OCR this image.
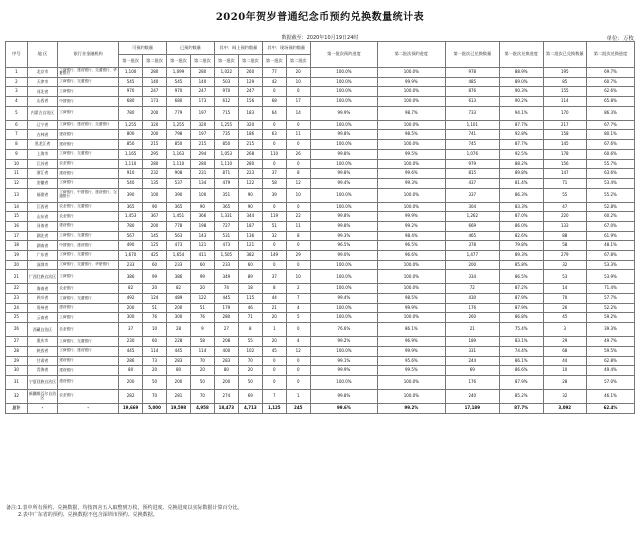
2020年贺岁普通纪念币预约兑换数量统计表
数据截至：2020年10月19日24时	单位：万枚
序号	地 区	银行业金融机构	可预约数量		已预约数量		其中：网上预约数量		其中：现场预约数量		第一批次预约进度	第二批次预约进度	第一批次已兑换数量	第一批次兑换进度	第二批次已兑换数量	第二批次兑换进度
			第一批次	第二批次	第一批次	第二批次	第一批次	第二批次	第一批次	第二批次						
1	北京市	工商银行、建设银行、交通银行、华夏银行	1,100	280	1,099	280	1,022	260	77	20	100.0%	100.0%	978	88.9%	195	69.7%
2	天津市	工商银行、交通银行	545	140	545	140	503	129	42	10	100.0%	99.9%	485	89.0%	85	60.7%
3	河北省	工商银行	970	247	970	247	970	247	0	0	100.0%	100.0%	876	90.3%	155	62.6%
4	山西省	中国银行	680	173	680	173	612	156	68	17	100.0%	100.0%	613	90.2%	114	65.8%
5	内蒙古自治区	工商银行	780	200	779	197	715	183	64	14	99.9%	98.7%	733	94.1%	170	86.3%
6	辽宁省	工商银行、建设银行、交通银行	1,255	320	1,255	320	1,255	320	0	0	100.0%	100.0%	1,101	87.7%	217	67.7%
7	吉林省	建设银行	800	200	798	197	735	186	63	11	99.8%	98.5%	741	92.8%	158	80.1%
8	黑龙江省	建设银行	850	215	850	215	850	215	0	0	100.0%	100.0%	745	87.7%	145	67.6%
9	上海市	工商银行、交通银行	1,165	295	1,163	294	1,053	268	110	26	99.8%	99.5%	1,076	92.5%	178	60.6%
10	江苏省	农业银行	1,110	280	1,110	280	1,110	280	0	0	100.0%	100.0%	979	88.2%	156	55.7%
11	浙江省	建设银行	910	232	908	231	871	223	37	8	99.8%	99.6%	815	89.8%	147	63.6%
12	安徽省	工商银行	540	135	537	134	479	122	58	12	99.4%	99.3%	437	81.4%	71	53.4%
13	福建省	工商银行、中国银行、建设银行、交通银行	390	100	390	100	351	90	39	10	100.0%	100.0%	337	86.3%	55	55.2%
14	江西省	农业银行、交通银行	365	90	365	90	365	90	0	0	100.0%	100.0%	304	83.3%	47	52.8%
15	山东省	农业银行	1,453	367	1,451	366	1,331	344	119	22	99.8%	99.9%	1,262	87.0%	220	60.2%
16	河南省	建设银行	780	200	778	198	727	187	51	11	99.8%	99.2%	669	86.0%	133	67.0%
17	湖北省	工商银行、交通银行	567	145	563	143	531	136	32	8	99.3%	98.4%	465	82.6%	88	61.9%
18	湖南省	中国银行、建设银行	490	125	473	121	473	121	0	0	96.5%	96.5%	378	79.8%	58	48.1%
19	广东省	工商银行、交通银行	1,670	425	1,654	411	1,505	382	149	29	99.0%	96.6%	1,477	89.3%	279	67.8%
20	深圳市	工商银行、交通银行、华夏银行	233	60	233	60	233	60	0	0	100.0%	100.0%	200	85.8%	32	53.3%
21	广西壮族自治区	工商银行	386	99	386	99	349	89	37	10	100.0%	100.0%	334	86.5%	53	53.9%
22	海南省	农业银行	82	20	82	20	74	18	8	2	100.0%	100.0%	72	87.2%	14	71.4%
23	四川省	工商银行、交通银行	492	124	489	122	445	115	44	7	99.4%	98.5%	430	87.9%	70	57.7%
24	贵州省	建设银行	200	51	200	51	179	46	21	4	100.0%	99.9%	176	87.9%	26	52.2%
25	云南省	工商银行	300	76	300	76	280	71	20	5	100.0%	100.0%	260	86.8%	45	59.2%
26	西藏自治区	农业银行	37	10	28	9	27	8	1	0	76.6%	86.1%	21	75.4%	3	39.3%
27	重庆市	工商银行、交通银行	230	60	228	58	208	55	20	4	99.2%	96.9%	189	83.1%	29	49.7%
28	陕西省	工商银行、建设银行	445	114	445	114	400	102	45	12	100.0%	99.9%	331	74.4%	68	59.5%
29	甘肃省	建设银行	286	73	283	70	283	70	0	0	99.1%	95.6%	244	86.1%	44	62.8%
30	青海省	建设银行	80	20	80	20	80	20	0	0	99.9%	99.5%	69	86.6%	10	49.4%
31	宁夏回族自治区	建设银行	200	50	200	50	200	50	0	0	100.0%	100.0%	176	87.9%	28	57.0%
32	新疆维吾尔自治区	农业银行	282	70	281	70	274	69	7	1	99.8%	100.0%	240	85.2%	32	46.1%
总计	-	-	19,669	5,000	19,598	4,958	18,473	4,713	1,125	245	99.6%	99.2%	17,189	87.7%	3,092	62.4%
备注:1.表中所有预约、兑换数据，均按四舍五入取整到万枚，预约进度、兑换进度以实际数据计算百分比。
2.表中广东省的预约、兑换数据不包含深圳市预约、兑换数据。
